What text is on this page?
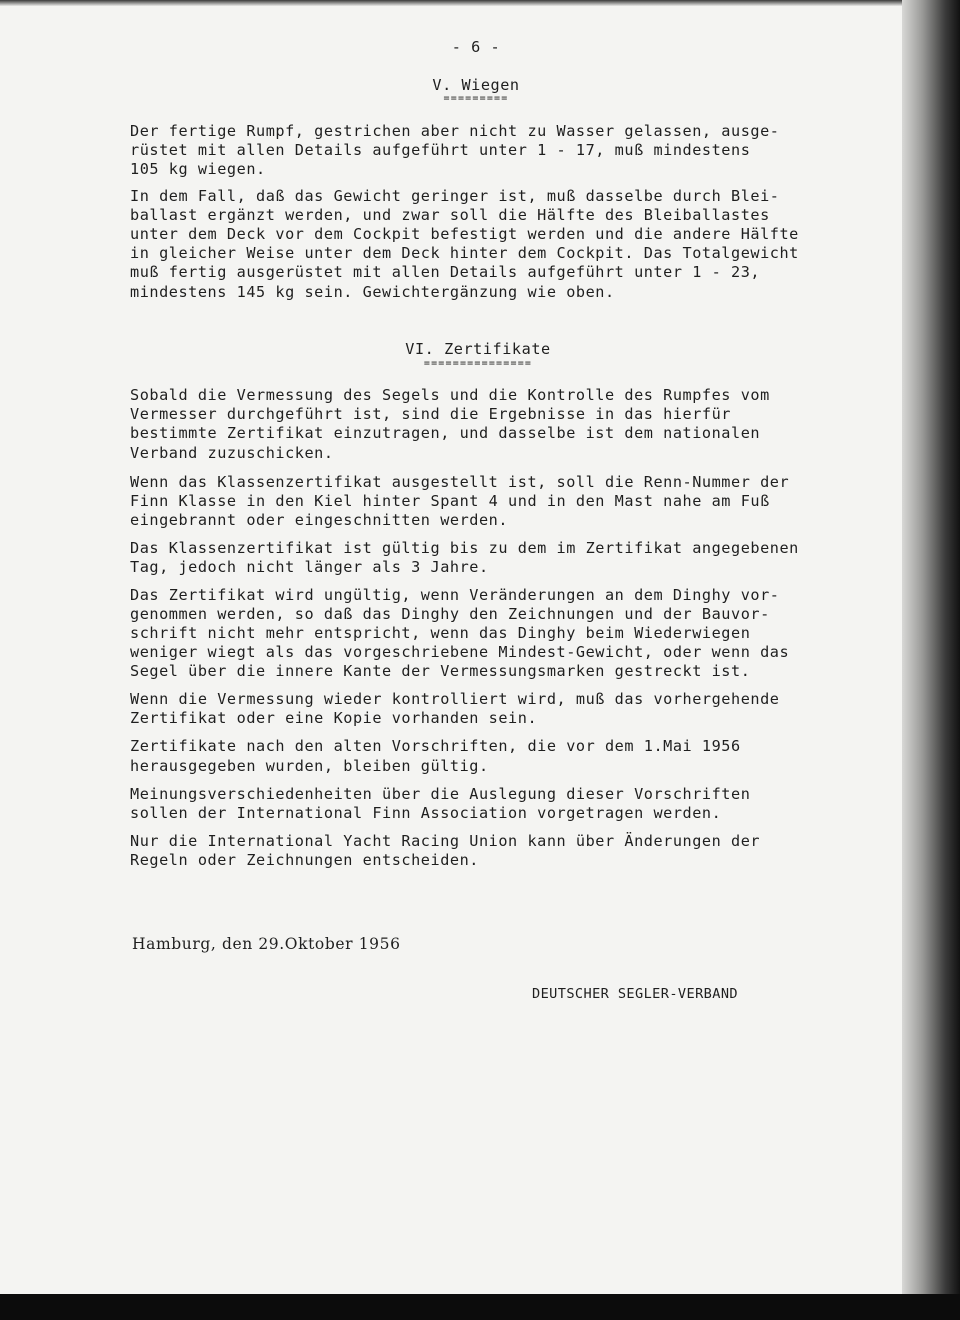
- 6 -
V. Wiegen
=========
Der fertige Rumpf, gestrichen aber nicht zu Wasser gelassen, ausge-
rüstet mit allen Details aufgeführt unter 1 - 17, muß mindestens
105 kg wiegen.
In dem Fall, daß das Gewicht geringer ist, muß dasselbe durch Blei-
ballast ergänzt werden, und zwar soll die Hälfte des Bleiballastes
unter dem Deck vor dem Cockpit befestigt werden und die andere Hälfte
in gleicher Weise unter dem Deck hinter dem Cockpit. Das Totalgewicht
muß fertig ausgerüstet mit allen Details aufgeführt unter 1 - 23,
mindestens 145 kg sein. Gewichtergänzung wie oben.
VI. Zertifikate
===============
Sobald die Vermessung des Segels und die Kontrolle des Rumpfes vom
Vermesser durchgeführt ist, sind die Ergebnisse in das hierfür
bestimmte Zertifikat einzutragen, und dasselbe ist dem nationalen
Verband zuzuschicken.
Wenn das Klassenzertifikat ausgestellt ist, soll die Renn-Nummer der
Finn Klasse in den Kiel hinter Spant 4 und in den Mast nahe am Fuß
eingebrannt oder eingeschnitten werden.
Das Klassenzertifikat ist gültig bis zu dem im Zertifikat angegebenen
Tag, jedoch nicht länger als 3 Jahre.
Das Zertifikat wird ungültig, wenn Veränderungen an dem Dinghy vor-
genommen werden, so daß das Dinghy den Zeichnungen und der Bauvor-
schrift nicht mehr entspricht, wenn das Dinghy beim Wiederwiegen
weniger wiegt als das vorgeschriebene Mindest-Gewicht, oder wenn das
Segel über die innere Kante der Vermessungsmarken gestreckt ist.
Wenn die Vermessung wieder kontrolliert wird, muß das vorhergehende
Zertifikat oder eine Kopie vorhanden sein.
Zertifikate nach den alten Vorschriften, die vor dem 1.Mai 1956
herausgegeben wurden, bleiben gültig.
Meinungsverschiedenheiten über die Auslegung dieser Vorschriften
sollen der International Finn Association vorgetragen werden.
Nur die International Yacht Racing Union kann über Änderungen der
Regeln oder Zeichnungen entscheiden.
Hamburg, den 29.Oktober 1956
DEUTSCHER SEGLER-VERBAND
